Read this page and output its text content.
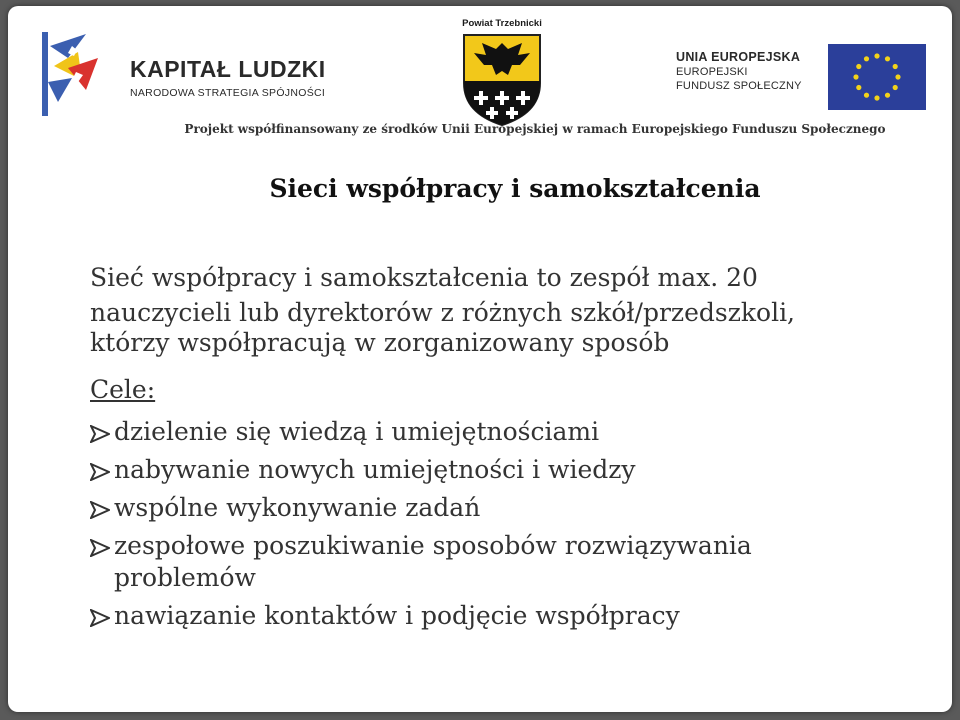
KAPITAŁ LUDZKI
NARODOWA STRATEGIA SPÓJNOŚCI
Powiat Trzebnicki
UNIA EUROPEJSKA
EUROPEJSKI
FUNDUSZ SPOŁECZNY
Projekt współfinansowany ze środków Unii Europejskiej w ramach Europejskiego Funduszu Społecznego
Sieci współpracy i samokształcenia
Sieć współpracy i samokształcenia to zespół max. 20
nauczycieli lub dyrektorów z różnych szkół/przedszkoli,
którzy współpracują w zorganizowany sposób
Cele:
dzielenie się wiedzą i umiejętnościami
nabywanie nowych umiejętności i wiedzy
wspólne wykonywanie zadań
zespołowe poszukiwanie sposobów rozwiązywania
problemów
nawiązanie kontaktów i podjęcie współpracy
